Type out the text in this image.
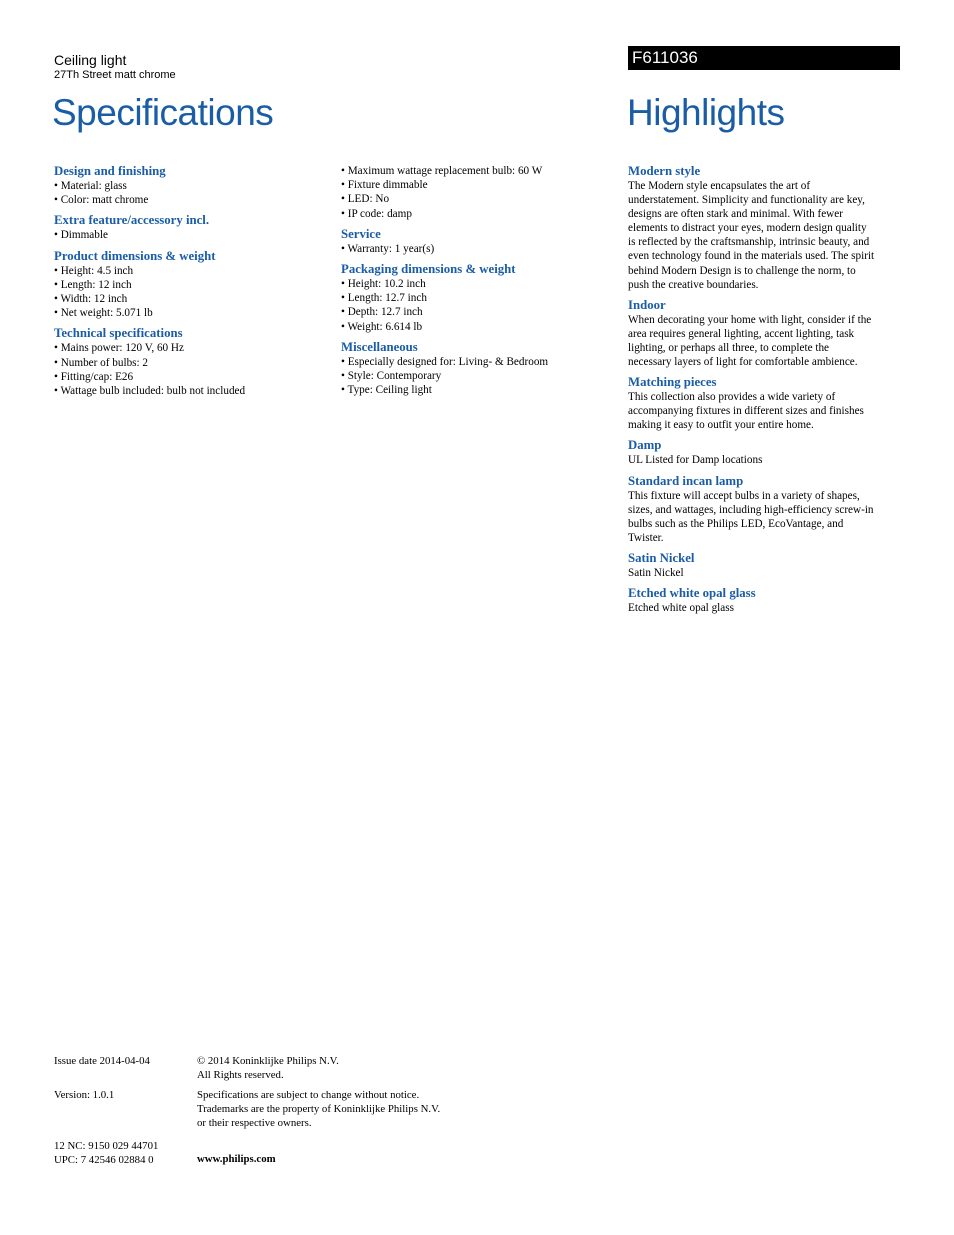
Ceiling light
27Th Street matt chrome
F611036
Specifications	Highlights
Design and finishing
• Material: glass
• Color: matt chrome
Extra feature/accessory incl.
• Dimmable
Product dimensions & weight
• Height: 4.5 inch
• Length: 12 inch
• Width: 12 inch
• Net weight: 5.071 lb
Technical specifications
• Mains power: 120 V, 60 Hz
• Number of bulbs: 2
• Fitting/cap: E26
• Wattage bulb included: bulb not included
• Maximum wattage replacement bulb: 60 W
• Fixture dimmable
• LED: No
• IP code: damp
Service
• Warranty: 1 year(s)
Packaging dimensions & weight
• Height: 10.2 inch
• Length: 12.7 inch
• Depth: 12.7 inch
• Weight: 6.614 lb
Miscellaneous
• Especially designed for: Living- & Bedroom
• Style: Contemporary
• Type: Ceiling light
Modern style
The Modern style encapsulates the art of
understatement. Simplicity and functionality are key,
designs are often stark and minimal. With fewer
elements to distract your eyes, modern design quality
is reflected by the craftsmanship, intrinsic beauty, and
even technology found in the materials used. The spirit
behind Modern Design is to challenge the norm, to
push the creative boundaries.
Indoor
When decorating your home with light, consider if the
area requires general lighting, accent lighting, task
lighting, or perhaps all three, to complete the
necessary layers of light for comfortable ambience.
Matching pieces
This collection also provides a wide variety of
accompanying fixtures in different sizes and finishes
making it easy to outfit your entire home.
Damp
UL Listed for Damp locations
Standard incan lamp
This fixture will accept bulbs in a variety of shapes,
sizes, and wattages, including high-efficiency screw-in
bulbs such as the Philips LED, EcoVantage, and
Twister.
Satin Nickel
Satin Nickel
Etched white opal glass
Etched white opal glass
Issue date 2014-04-04
Version: 1.0.1
12 NC: 9150 029 44701
UPC: 7 42546 02884 0
© 2014 Koninklijke Philips N.V.
All Rights reserved.
Specifications are subject to change without notice.
Trademarks are the property of Koninklijke Philips N.V.
or their respective owners.
www.philips.com
